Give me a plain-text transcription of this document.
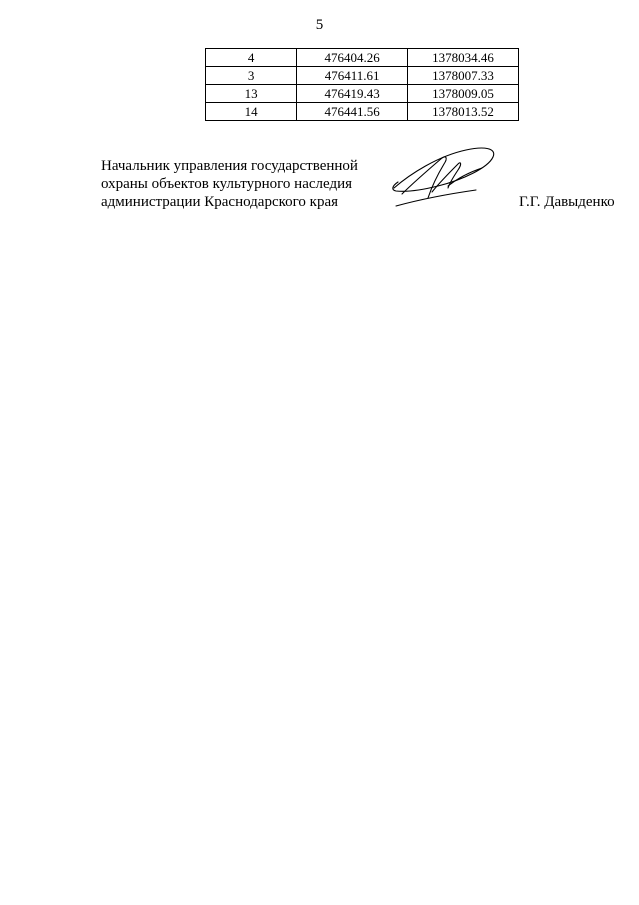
5
4	476404.26	1378034.46
3	476411.61	1378007.33
13	476419.43	1378009.05
14	476441.56	1378013.52
Начальник управления государственной
охраны объектов культурного наследия
администрации Краснодарского края	Г.Г. Давыденко
